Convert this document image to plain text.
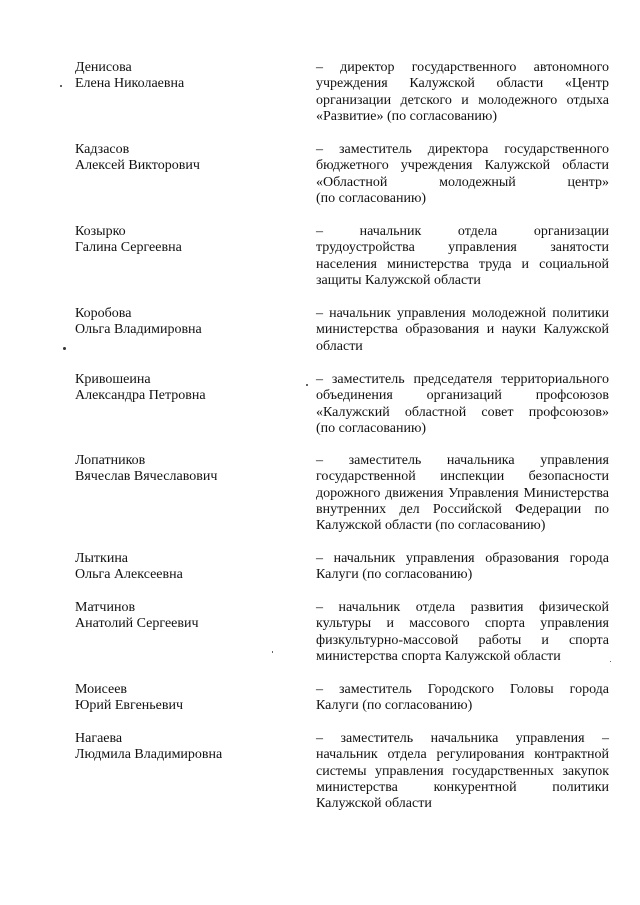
Денисова
Елена Николаевна
– директор государственного автономного
учреждения Калужской области «Центр
организации детского и молодежного отдыха
«Развитие» (по согласованию)
Кадзасов
Алексей Викторович
– заместитель директора государственного
бюджетного учреждения Калужской области
«Областной молодежный центр»
(по согласованию)
Козырко
Галина Сергеевна
– начальник отдела организации
трудоустройства управления занятости
населения министерства труда и социальной
защиты Калужской области
Коробова
Ольга Владимировна
– начальник управления молодежной политики
министерства образования и науки Калужской
области
Кривошеина
Александра Петровна
– заместитель председателя территориального
объединения организаций профсоюзов
«Калужский областной совет профсоюзов»
(по согласованию)
Лопатников
Вячеслав Вячеславович
– заместитель начальника управления
государственной инспекции безопасности
дорожного движения Управления Министерства
внутренних дел Российской Федерации по
Калужской области (по согласованию)
Лыткина
Ольга Алексеевна
– начальник управления образования города
Калуги (по согласованию)
Матчинов
Анатолий Сергеевич
– начальник отдела развития физической
культуры и массового спорта управления
физкультурно-массовой работы и спорта
министерства спорта Калужской области
Моисеев
Юрий Евгеньевич
– заместитель Городского Головы города
Калуги (по согласованию)
Нагаева
Людмила Владимировна
– заместитель начальника управления –
начальник отдела регулирования контрактной
системы управления государственных закупок
министерства конкурентной политики
Калужской области
